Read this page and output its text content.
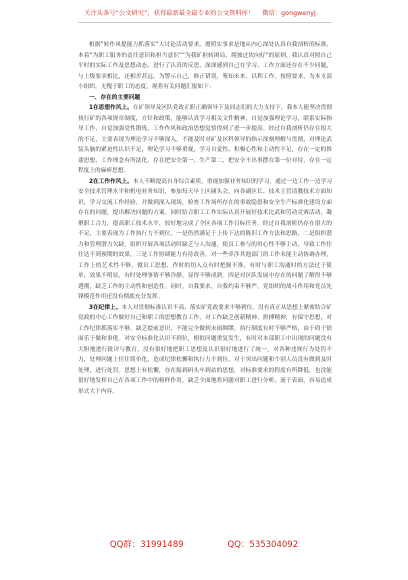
关注头条号“公文研究”，获得最新最全最专业的公文资料库！ 微信：gongwenyj

根据“转作风提能力抓落实”大讨论活动要求，遵照实事求是地从内心深处认真自我剖析的标准，本着“为职工服务的责任意识和担当意识”“为我矿担转困局、爬坡过坎向好”的原则，我认真对照自己平时的实际工作及思想动态，进行了认真的反思，深深感到自己在学习、工作方面还存在不少问题，与上级要求相比，还相差甚远，为警示自己，修正错误，鉴知未来，以利工作，按照要求，为本支部小组织，无愧于职工的态度，现将有关问题汇报如下：

一、存在的主要问题

1在思想作风上。在矿领导及区队党政正职正确领导下及同志们的大力支持下，我本人能坚决贯彻执行矿的各项规章制度，方针和政策，能够认真学习相关文件精神，自觉加强理论学习，联系实际指导工作，自觉加强党性锻炼，工作作风和政治思想觉悟得到了进一步提高。经过自我剖析仍存在很大的不足，主要表现为理论学习不够深入，不能及时对矿及区科领导的指示深刻理解与贯彻，对理论武装头脑的紧迫性认识不足，理论学习不够重视，学习自觉性、积极心性和主动性不足，存在一定的推诿思想，工作理念有所淡化，存在把安全第一、生产第二，把安全不出事摆在第一位对待，存在一定程度上的麻痹思想。

2在工作作风上。本人不断提高自身综合素质，重视加强业务知识的学习，通过一边工作一边学习安全技术管理水平和机电业务知识，参加每天早上区碰头会，向各副区长、技术主管请教技术方面知识，学习交流工作经验，并做到深入现场，检查工作场所存在的事故隐患和安全生产标准化建设方面存在的问题，提出解决问题的方案。同时结合职工工作实际认真开展好技术比武和劳动竞赛活动，凝聚职工合力，提高职工技术水平，较好地完成了全区各项工作目标任务。经过自我剖析仍存在很大的不足，主要表现为工作执行力不到位，一是仍然满足于上传下达的陈旧工作方法和思路，二是组织潜力和管理潜力欠缺，组织开展各项活动时缺乏与人沟通，使员工参与的用心性不够主动，导致工作往往达不到预期的效果。三是工作协调能力有待改善，对一些牵涉其他部门的工作未能主动协调办理，工作上的艺术性不够，做员工思想、作时的切入点有时把握不准，有时与职工沟通时的方法过于简单，效果不明显，有时处理事情不够冷静，显得不够成熟。四是对区队发展中存在的问题了解得不够透彻，缺乏工作的主动性和创造性。同时，自我要求，自我约束不够严，党组织的战斗作用和党员先锋模范作用还没有彻底充分发挥。

3在纪律上。本人对贯彻标准认识不高、落实矿党政要求不够到位。没有真正从思想上紧密结合矿党政的中心工作做好自己和职工的思想教育工作，对工作缺乏创新精神、拼搏精神，有保守思想，对工作纪律抓落实不够，缺乏提前意识，不能完全做到未雨绸缪，执行制度有时不够严格，由于碍于情面乐于做和事佬。对安全标准化认识不到位，相似问题重复发生，有时对本部职工中出现的问题没有大胆地进行批评与教育，没有很好地把职工思想及认识很好地进行了统一，对各种违规行为处罚不力，处理问题上往往简单化，造成纪律松懈和执行力不到位，对于突出问题和个别人员没有做到及时处理，进行处罚。思想上有松懈，存在船到码头车到站的思想，对标准要求的程度有所降低，也没能很好地发挥自己在各项工作中的榜样作用，缺乏全面地将问题对职工进行分析，流于表面，容易造成形式大于内容。

QQ群：31991489	QQ：535304092
